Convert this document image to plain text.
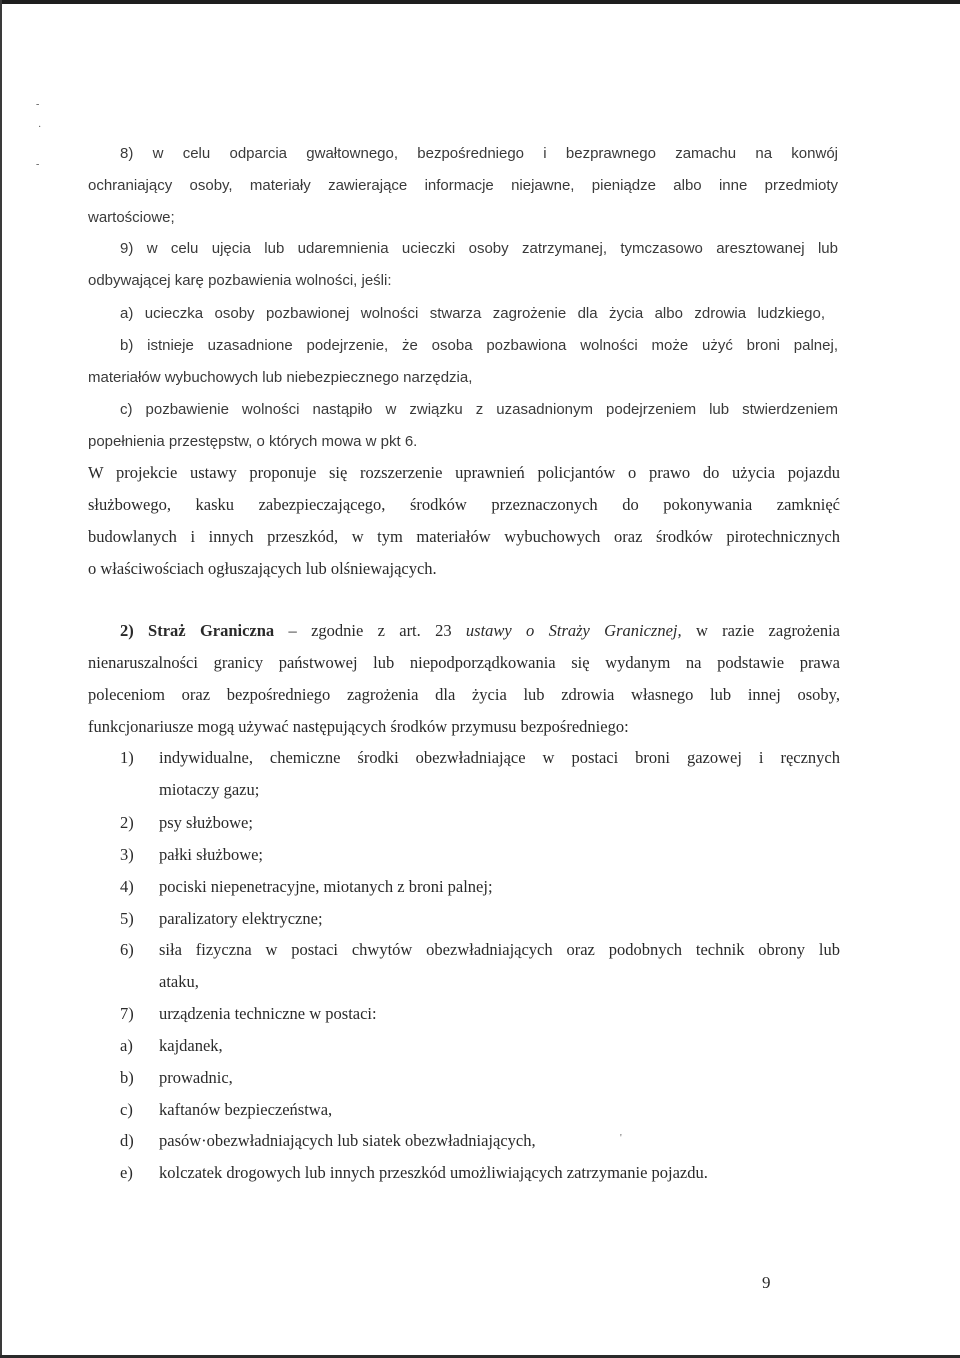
-
·
-
8) w celu odparcia gwałtownego, bezpośredniego i bezprawnego zamachu na konwój
ochraniający osoby, materiały zawierające informacje niejawne, pieniądze albo inne przedmioty
wartościowe;
9) w celu ujęcia lub udaremnienia ucieczki osoby zatrzymanej, tymczasowo aresztowanej lub
odbywającej karę pozbawienia wolności, jeśli:
a) ucieczka osoby pozbawionej wolności stwarza zagrożenie dla życia albo zdrowia ludzkiego,
b) istnieje uzasadnione podejrzenie, że osoba pozbawiona wolności może użyć broni palnej,
materiałów wybuchowych lub niebezpiecznego narzędzia,
c) pozbawienie wolności nastąpiło w związku z uzasadnionym podejrzeniem lub stwierdzeniem
popełnienia przestępstw, o których mowa w pkt 6.
W projekcie ustawy proponuje się rozszerzenie uprawnień policjantów o prawo do użycia pojazdu
służbowego, kasku zabezpieczającego, środków przeznaczonych do pokonywania zamknięć
budowlanych i innych przeszkód, w tym materiałów wybuchowych oraz środków pirotechnicznych
o właściwościach ogłuszających lub olśniewających.
2) Straż Graniczna – zgodnie z art. 23 ustawy o Straży Granicznej, w razie zagrożenia
nienaruszalności granicy państwowej lub niepodporządkowania się wydanym na podstawie prawa
poleceniom oraz bezpośredniego zagrożenia dla życia lub zdrowia własnego lub innej osoby,
funkcjonariusze mogą używać następujących środków przymusu bezpośredniego:
1) indywidualne, chemiczne środki obezwładniające w postaci broni gazowej i ręcznych
miotaczy gazu;
2) psy służbowe;
3) pałki służbowe;
4) pociski niepenetracyjne, miotanych z broni palnej;
5) paralizatory elektryczne;
6) siła fizyczna w postaci chwytów obezwładniających oraz podobnych technik obrony lub
ataku,
7) urządzenia techniczne w postaci:
a) kajdanek,
b) prowadnic,
c) kaftanów bezpieczeństwa,
d) pasów·obezwładniających lub siatek obezwładniających,	'
e) kolczatek drogowych lub innych przeszkód umożliwiających zatrzymanie pojazdu.
9
